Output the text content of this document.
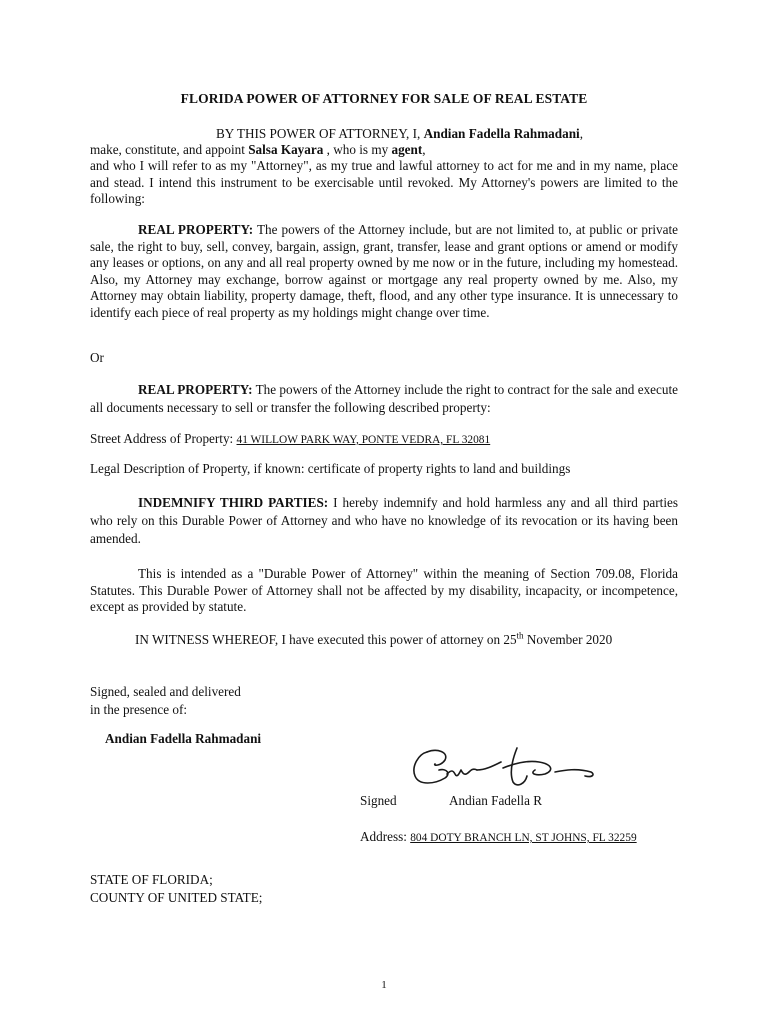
FLORIDA POWER OF ATTORNEY FOR SALE OF REAL ESTATE
BY THIS POWER OF ATTORNEY, I, Andian Fadella Rahmadani,
make, constitute, and appoint Salsa Kayara , who is my agent,
and who I will refer to as my "Attorney", as my true and lawful attorney to act for me and in my name, place and stead. I intend this instrument to be exercisable until revoked. My Attorney's powers are limited to the following:
REAL PROPERTY: The powers of the Attorney include, but are not limited to, at public or private sale, the right to buy, sell, convey, bargain, assign, grant, transfer, lease and grant options or amend or modify any leases or options, on any and all real property owned by me now or in the future, including my homestead. Also, my Attorney may exchange, borrow against or mortgage any real property owned by me. Also, my Attorney may obtain liability, property damage, theft, flood, and any other type insurance. It is unnecessary to identify each piece of real property as my holdings might change over time.
Or
REAL PROPERTY: The powers of the Attorney include the right to contract for the sale and execute all documents necessary to sell or transfer the following described property:
Street Address of Property: 41 WILLOW PARK WAY, PONTE VEDRA, FL 32081
Legal Description of Property, if known: certificate of property rights to land and buildings
INDEMNIFY THIRD PARTIES: I hereby indemnify and hold harmless any and all third parties who rely on this Durable Power of Attorney and who have no knowledge of its revocation or its having been amended.
This is intended as a "Durable Power of Attorney" within the meaning of Section 709.08, Florida Statutes. This Durable Power of Attorney shall not be affected by my disability, incapacity, or incompetence, except as provided by statute.
IN WITNESS WHEREOF, I have executed this power of attorney on 25th November 2020
Signed, sealed and delivered
in the presence of:
Andian Fadella Rahmadani
Signed	Andian Fadella R
Address: 804 DOTY BRANCH LN, ST JOHNS, FL 32259
STATE OF FLORIDA;
COUNTY OF UNITED STATE;
1
